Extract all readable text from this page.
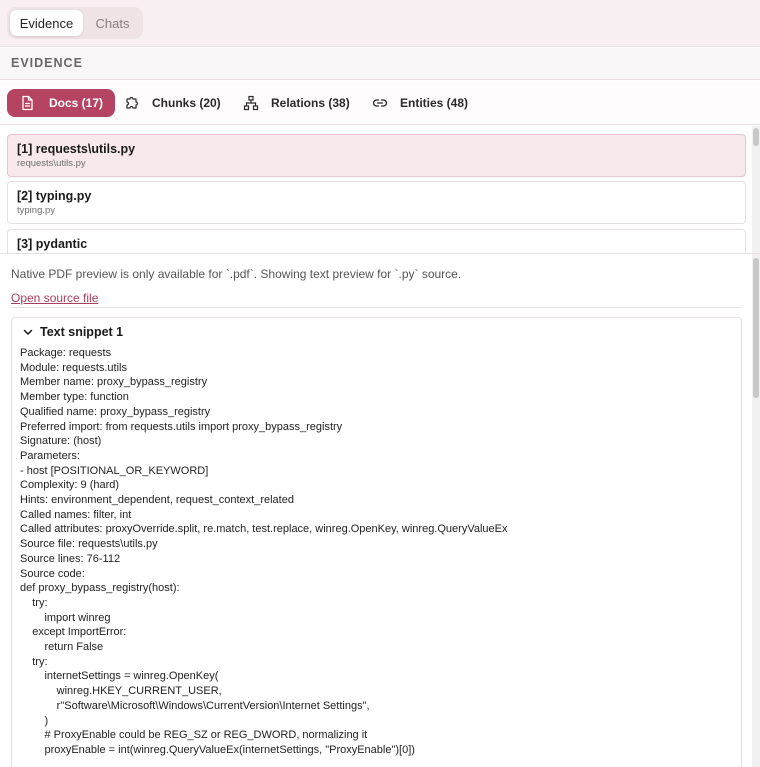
Evidence	Chats
EVIDENCE
Docs (17)	Chunks (20)	Relations (38)	Entities (48)
[1] requests\utils.py
requests\utils.py
[2] typing.py
typing.py
[3] pydantic
Native PDF preview is only available for `.pdf`. Showing text preview for `.py` source.
Open source file
Text snippet 1
Package: requests
Module: requests.utils
Member name: proxy_bypass_registry
Member type: function
Qualified name: proxy_bypass_registry
Preferred import: from requests.utils import proxy_bypass_registry
Signature: (host)
Parameters:
- host [POSITIONAL_OR_KEYWORD]
Complexity: 9 (hard)
Hints: environment_dependent, request_context_related
Called names: filter, int
Called attributes: proxyOverride.split, re.match, test.replace, winreg.OpenKey, winreg.QueryValueEx
Source file: requests\utils.py
Source lines: 76-112
Source code:
def proxy_bypass_registry(host):
try:
import winreg
except ImportError:
return False
try:
internetSettings = winreg.OpenKey(
winreg.HKEY_CURRENT_USER,
r"Software\Microsoft\Windows\CurrentVersion\Internet Settings",
)
# ProxyEnable could be REG_SZ or REG_DWORD, normalizing it
proxyEnable = int(winreg.QueryValueEx(internetSettings, "ProxyEnable")[0])
